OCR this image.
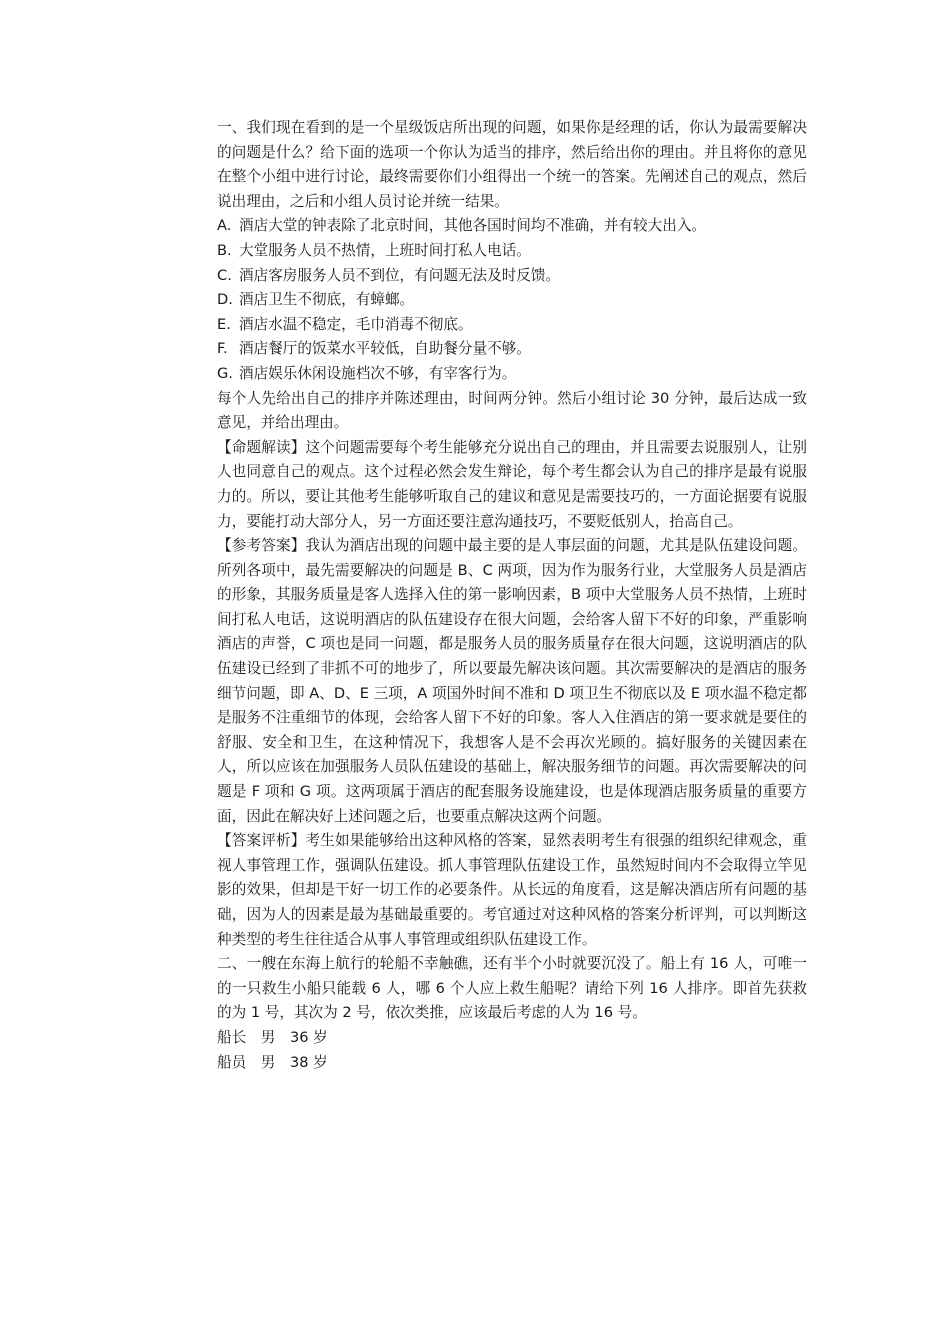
一、我们现在看到的是一个星级饭店所出现的问题，如果你是经理的话，你认为最需要解决的问题是什么？给下面的选项一个你认为适当的排序，然后给出你的理由。并且将你的意见在整个小组中进行讨论，最终需要你们小组得出一个统一的答案。先阐述自己的观点，然后说出理由，之后和小组人员讨论并统一结果。

A. 酒店大堂的钟表除了北京时间，其他各国时间均不准确，并有较大出入。
B. 大堂服务人员不热情，上班时间打私人电话。
C. 酒店客房服务人员不到位，有问题无法及时反馈。
D. 酒店卫生不彻底，有蟑螂。
E. 酒店水温不稳定，毛巾消毒不彻底。
F. 酒店餐厅的饭菜水平较低，自助餐分量不够。
G. 酒店娱乐休闲设施档次不够，有宰客行为。

每个人先给出自己的排序并陈述理由，时间两分钟。然后小组讨论 30 分钟，最后达成一致意见，并给出理由。

【命题解读】这个问题需要每个考生能够充分说出自己的理由，并且需要去说服别人，让别人也同意自己的观点。这个过程必然会发生辩论，每个考生都会认为自己的排序是最有说服力的。所以，要让其他考生能够听取自己的建议和意见是需要技巧的，一方面论据要有说服力，要能打动大部分人，另一方面还要注意沟通技巧，不要贬低别人，抬高自己。

【参考答案】我认为酒店出现的问题中最主要的是人事层面的问题，尤其是队伍建设问题。所列各项中，最先需要解决的问题是 B、C 两项，因为作为服务行业，大堂服务人员是酒店的形象，其服务质量是客人选择入住的第一影响因素，B 项中大堂服务人员不热情，上班时间打私人电话，这说明酒店的队伍建设存在很大问题，会给客人留下不好的印象，严重影响酒店的声誉，C 项也是同一问题，都是服务人员的服务质量存在很大问题，这说明酒店的队伍建设已经到了非抓不可的地步了，所以要最先解决该问题。其次需要解决的是酒店的服务细节问题，即 A、D、E 三项，A 项国外时间不准和 D 项卫生不彻底以及 E 项水温不稳定都是服务不注重细节的体现，会给客人留下不好的印象。客人入住酒店的第一要求就是要住的舒服、安全和卫生，在这种情况下，我想客人是不会再次光顾的。搞好服务的关键因素在人，所以应该在加强服务人员队伍建设的基础上，解决服务细节的问题。再次需要解决的问题是 F 项和 G 项。这两项属于酒店的配套服务设施建设，也是体现酒店服务质量的重要方面，因此在解决好上述问题之后，也要重点解决这两个问题。

【答案评析】考生如果能够给出这种风格的答案，显然表明考生有很强的组织纪律观念，重视人事管理工作，强调队伍建设。抓人事管理队伍建设工作，虽然短时间内不会取得立竿见影的效果，但却是干好一切工作的必要条件。从长远的角度看，这是解决酒店所有问题的基础，因为人的因素是最为基础最重要的。考官通过对这种风格的答案分析评判，可以判断这种类型的考生往往适合从事人事管理或组织队伍建设工作。

二、一艘在东海上航行的轮船不幸触礁，还有半个小时就要沉没了。船上有 16 人，可唯一的一只救生小船只能载 6 人，哪 6 个人应上救生船呢？请给下列 16 人排序。即首先获救的为 1 号，其次为 2 号，依次类推，应该最后考虑的人为 16 号。

船长　男　36 岁

船员　男　38 岁
